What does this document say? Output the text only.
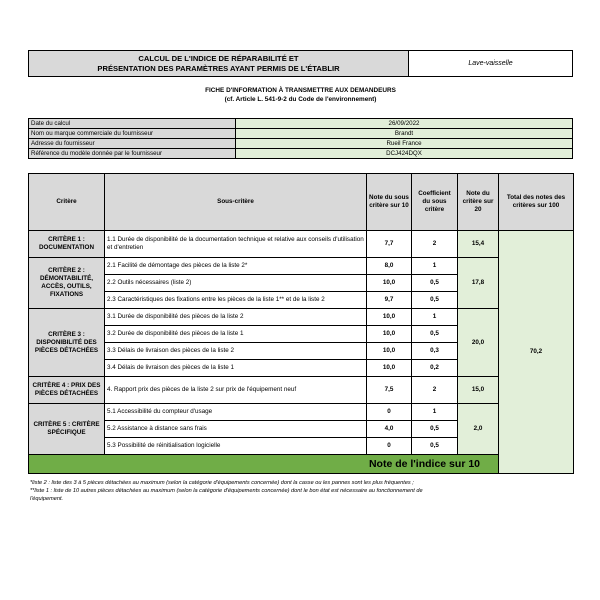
CALCUL DE L'INDICE DE RÉPARABILITÉ ET
PRÉSENTATION DES PARAMÈTRES AYANT PERMIS DE L'ÉTABLIR	Lave-vaisselle
FICHE D'INFORMATION À TRANSMETTRE AUX DEMANDEURS
(cf. Article L. 541-9-2 du Code de l'environnement)
Date du calcul	26/09/2022
Nom ou marque commerciale du fournisseur	Brandt
Adresse du fournisseur	Rueil France
Référence du modèle donnée par le fournisseur	DCJ424DQX
Critère	Sous-critère	Note du sous critère sur 10	Coefficient du sous critère	Note du critère sur 20	Total des notes des critères sur 100	
CRITÈRE 1 : DOCUMENTATION	1.1 Durée de disponibilité de la documentation technique et relative aux conseils d'utilisation et d'entretien	7,7	2	15,4	70,2	
CRITÈRE 2 : DÉMONTABILITÉ, ACCÈS, OUTILS, FIXATIONS	2.1 Facilité de démontage des pièces de la liste 2*	8,0	1	17,8		
	2.2 Outils nécessaires (liste 2)	10,0	0,5			
	2.3 Caractéristiques des fixations entre les pièces de la liste 1** et de la liste 2	9,7	0,5			
CRITÈRE 3 : DISPONIBILITÉ DES PIÈCES DÉTACHÉES	3.1 Durée de disponibilité des pièces de la liste 2	10,0	1	20,0		
	3.2 Durée de disponibilité des pièces de la liste 1	10,0	0,5			
	3.3 Délais de livraison des pièces de la liste 2	10,0	0,3			
	3.4 Délais de livraison des pièces de la liste 1	10,0	0,2			
CRITÈRE 4 : PRIX DES PIÈCES DÉTACHÉES	4. Rapport prix des pièces de la liste 2 sur prix de l'équipement neuf	7,5	2	15,0		
CRITÈRE 5 : CRITÈRE SPÉCIFIQUE	5.1 Accessibilité du compteur d'usage	0	1	2,0		
	5.2 Assistance à distance sans frais	4,0	0,5			
	5.3 Possibilité de réinitialisation logicielle	0	0,5			
Note de l'indice sur 10	
*liste 2 : liste des 3 à 5 pièces détachées au maximum (selon la catégorie d'équipements concernée) dont la casse ou les pannes sont les plus fréquentes ;
**liste 1 : liste de 10 autres pièces détachées au maximum (selon la catégorie d'équipements concernée) dont le bon état est nécessaire au fonctionnement de
l'équipement.
